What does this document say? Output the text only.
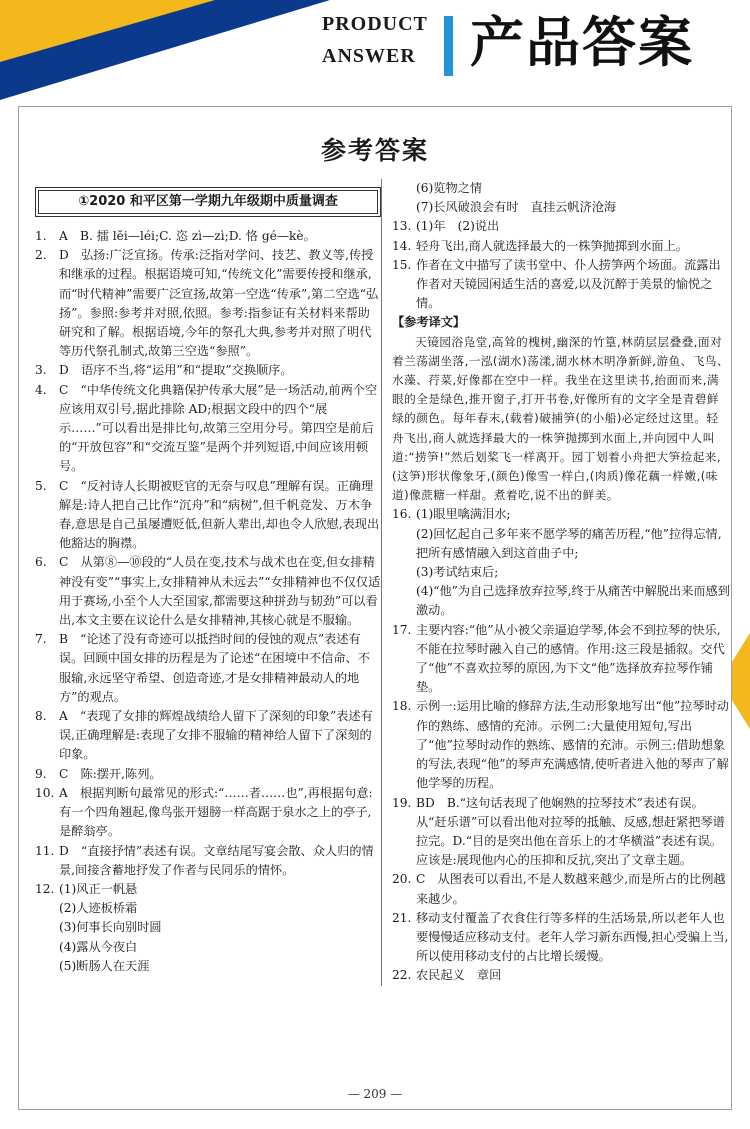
PRODUCT
ANSWER 产品答案
参考答案
①2020 和平区第一学期九年级期中质量调查

1. A　B. 擂 lěi—léi;C. 恣 zì—zì;D. 恪 gé—kè。

2. D　弘扬:广泛宣扬。传承:泛指对学问、技艺、教义等,传授和继承的过程。根据语境可知,“传统文化”需要传授和继承,而“时代精神”需要广泛宣扬,故第一空选“传承”,第二空选“弘扬”。参照:参考并对照,依照。参考:指参证有关材料来帮助研究和了解。根据语境,今年的祭孔大典,参考并对照了明代等历代祭孔制式,故第三空选“参照”。

3. D　语序不当,将“运用”和“提取”交换顺序。

4. C　“中华传统文化典籍保护传承大展”是一场活动,前两个空应该用双引号,据此排除 AD;根据文段中的四个“展示……”可以看出是排比句,故第三空用分号。第四空是前后的“开放包容”和“交流互鉴”是两个并列短语,中间应该用顿号。

5. C　“反衬诗人长期被贬官的无奈与叹息”理解有误。正确理解是:诗人把自己比作“沉舟”和“病树”,但千帆竞发、万木争春,意思是自己虽屡遭贬低,但新人辈出,却也令人欣慰,表现出他豁达的胸襟。

6. C　从第⑧—⑩段的“人员在变,技术与战术也在变,但女排精神没有变”“事实上,女排精神从未远去”“女排精神也不仅仅适用于赛场,小至个人大至国家,都需要这种拼劲与韧劲”可以看出,本文主要在议论什么是女排精神,其核心就是不服输。

7. B　“论述了没有奇迹可以抵挡时间的侵蚀的观点”表述有误。回顾中国女排的历程是为了论述“在困境中不信命、不服输,永远坚守希望、创造奇迹,才是女排精神最动人的地方”的观点。

8. A　“表现了女排的辉煌战绩给人留下了深刻的印象”表述有误,正确理解是:表现了女排不服输的精神给人留下了深刻的印象。

9. C　陈:摆开,陈列。

10. A　根据判断句最常见的形式:“……者……也”,再根据句意:有一个四角翘起,像鸟张开翅膀一样高踞于泉水之上的亭子,是醉翁亭。

11. D　“直接抒情”表述有误。文章结尾写宴会散、众人归的情景,间接含蓄地抒发了作者与民同乐的情怀。

12. (1)风正一帆悬

(2)人迹板桥霜

(3)何事长向别时圆

(4)露从今夜白

(5)断肠人在天涯

(6)览物之情

(7)长风破浪会有时　直挂云帆济沧海

13. (1)年　(2)说出

14. 轻舟飞出,商人就选择最大的一株笋抛掷到水面上。

15. 作者在文中描写了读书堂中、仆人捞笋两个场面。流露出作者对天镜园闲适生活的喜爱,以及沉醉于美景的愉悦之情。

【参考译文】

天镜园浴凫堂,高耸的槐树,幽深的竹篁,林荫层层叠叠,面对着兰荡湖坐落,一泓(湖水)荡漾,湖水林木明净新鲜,游鱼、飞鸟、水藻、荇菜,好像都在空中一样。我坐在这里读书,抬面而来,满眼的全是绿色,推开窗子,打开书卷,好像所有的文字全是青碧鲜绿的颜色。每年春末,(载着)破捕笋(的小船)必定经过这里。轻舟飞出,商人就选择最大的一株笋抛掷到水面上,并向园中人叫道:“捞笋!”然后划桨飞一样离开。园丁划着小舟把大笋捡起来,(这笋)形状像象牙,(颜色)像雪一样白,(肉质)像花藕一样嫩,(味道)像蔗糖一样甜。煮着吃,说不出的鲜美。

16. (1)眼里噙满泪水;

(2)回忆起自己多年来不愿学琴的痛苦历程,“他”拉得忘情,把所有感情融入到这首曲子中;

(3)考试结束后;

(4)“他”为自己选择放弃拉琴,终于从痛苦中解脱出来而感到激动。

17. 主要内容:“他”从小被父亲逼迫学琴,体会不到拉琴的快乐,不能在拉琴时融入自己的感情。作用:这三段是插叙。交代了“他”不喜欢拉琴的原因,为下文“他”选择放弃拉琴作铺垫。

18. 示例一:运用比喻的修辞方法,生动形象地写出“他”拉琴时动作的熟练、感情的充沛。示例二:大量使用短句,写出了“他”拉琴时动作的熟练、感情的充沛。示例三:借助想象的写法,表现“他”的琴声充满感情,使听者进入他的琴声了解他学琴的历程。

19. BD　B.“这句话表现了他娴熟的拉琴技术”表述有误。从“赶乐谱”可以看出他对拉琴的抵触、反感,想赶紧把琴谱拉完。D.“目的是突出他在音乐上的才华横溢”表述有误。应该是:展现他内心的压抑和反抗,突出了文章主题。

20. C　从图表可以看出,不是人数越来越少,而是所占的比例越来越少。

21. 移动支付覆盖了衣食住行等多样的生活场景,所以老年人也要慢慢适应移动支付。老年人学习新东西慢,担心受骗上当,所以使用移动支付的占比增长缓慢。

22. 农民起义　章回

— 209 —
